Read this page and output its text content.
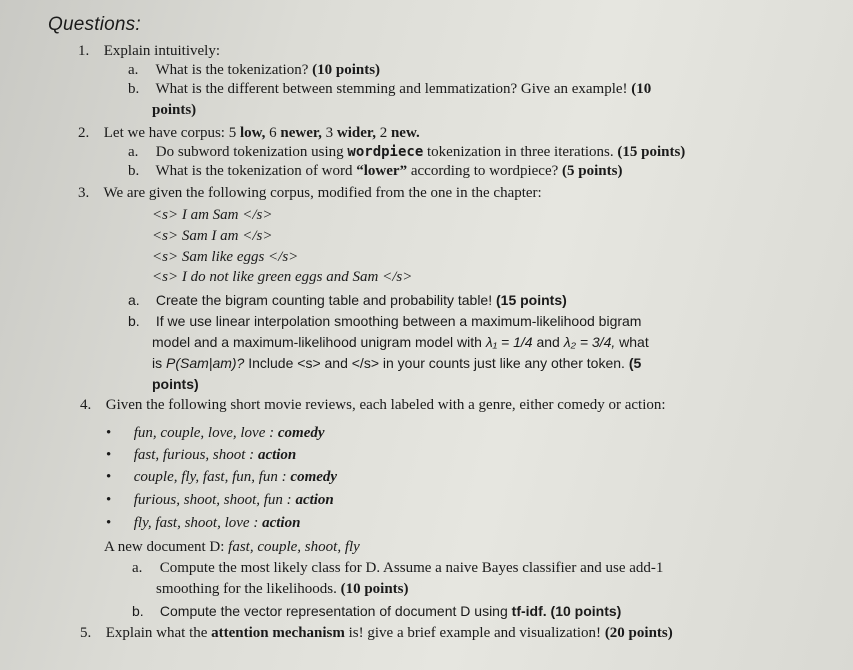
Questions:
1. Explain intuitively:
a. What is the tokenization? (10 points)
b. What is the different between stemming and lemmatization? Give an example! (10
points)
2. Let we have corpus: 5 low, 6 newer, 3 wider, 2 new.
a. Do subword tokenization using wordpiece tokenization in three iterations. (15 points)
b. What is the tokenization of word “lower” according to wordpiece? (5 points)
3. We are given the following corpus, modified from the one in the chapter:
<s> I am Sam </s>
<s> Sam I am </s>
<s> Sam like eggs </s>
<s> I do not like green eggs and Sam </s>
a. Create the bigram counting table and probability table! (15 points)
b. If we use linear interpolation smoothing between a maximum-likelihood bigram
model and a maximum-likelihood unigram model with λ₁ = 1/4 and λ₂ = 3/4, what
is P(Sam|am)? Include <s> and </s> in your counts just like any other token. (5
points)
4. Given the following short movie reviews, each labeled with a genre, either comedy or action:
• fun, couple, love, love : comedy
• fast, furious, shoot : action
• couple, fly, fast, fun, fun : comedy
• furious, shoot, shoot, fun : action
• fly, fast, shoot, love : action
A new document D: fast, couple, shoot, fly
a. Compute the most likely class for D. Assume a naive Bayes classifier and use add-1
smoothing for the likelihoods. (10 points)
b. Compute the vector representation of document D using tf-idf. (10 points)
5. Explain what the attention mechanism is! give a brief example and visualization! (20 points)
